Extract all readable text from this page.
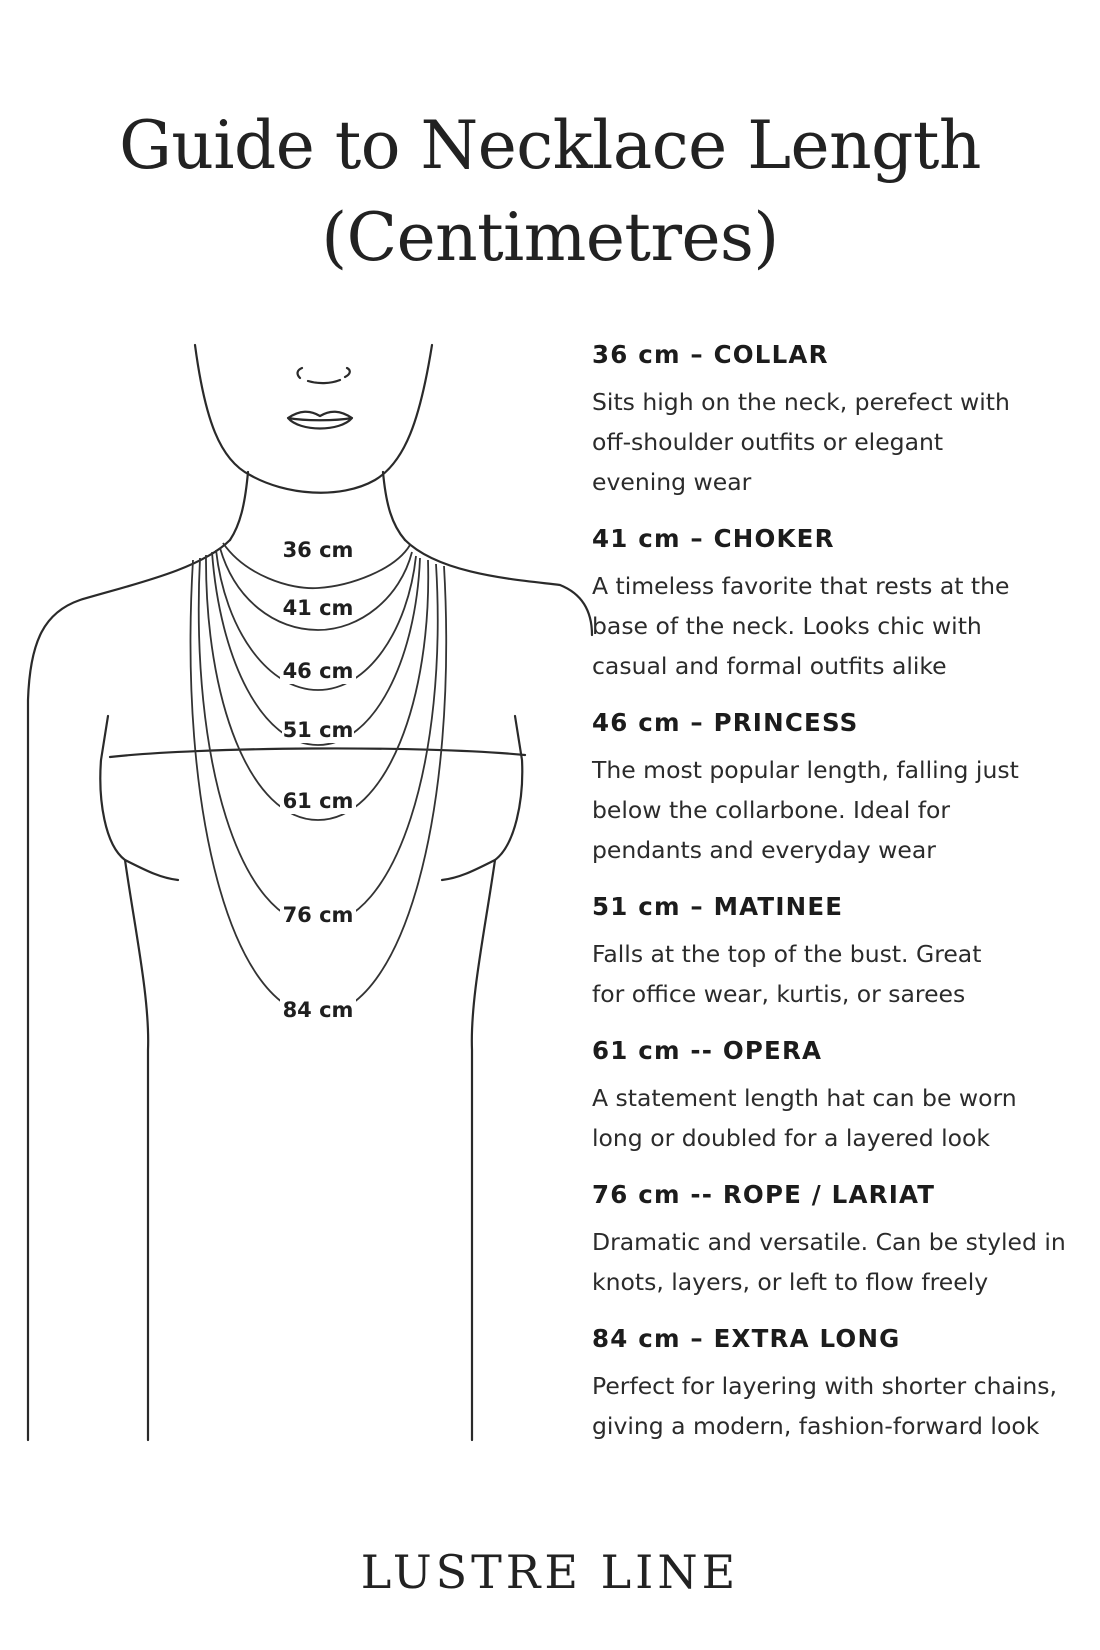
Guide to Necklace Length
(Centimetres)
36 cm
41 cm
46 cm
51 cm
61 cm
76 cm
84 cm

36 cm – COLLAR

Sits high on the neck, perefect with
off-shoulder outfits or elegant
evening wear

41 cm – CHOKER

A timeless favorite that rests at the
base of the neck. Looks chic with
casual and formal outfits alike

46 cm – PRINCESS

The most popular length, falling just
below the collarbone. Ideal for
pendants and everyday wear

51 cm – MATINEE

Falls at the top of the bust. Great
for office wear, kurtis, or sarees

61 cm -- OPERA

A statement length hat can be worn
long or doubled for a layered look

76 cm -- ROPE / LARIAT

Dramatic and versatile. Can be styled in
knots, layers, or left to flow freely

84 cm – EXTRA LONG

Perfect for layering with shorter chains,
giving a modern, fashion-forward look

LUSTRE LINE
